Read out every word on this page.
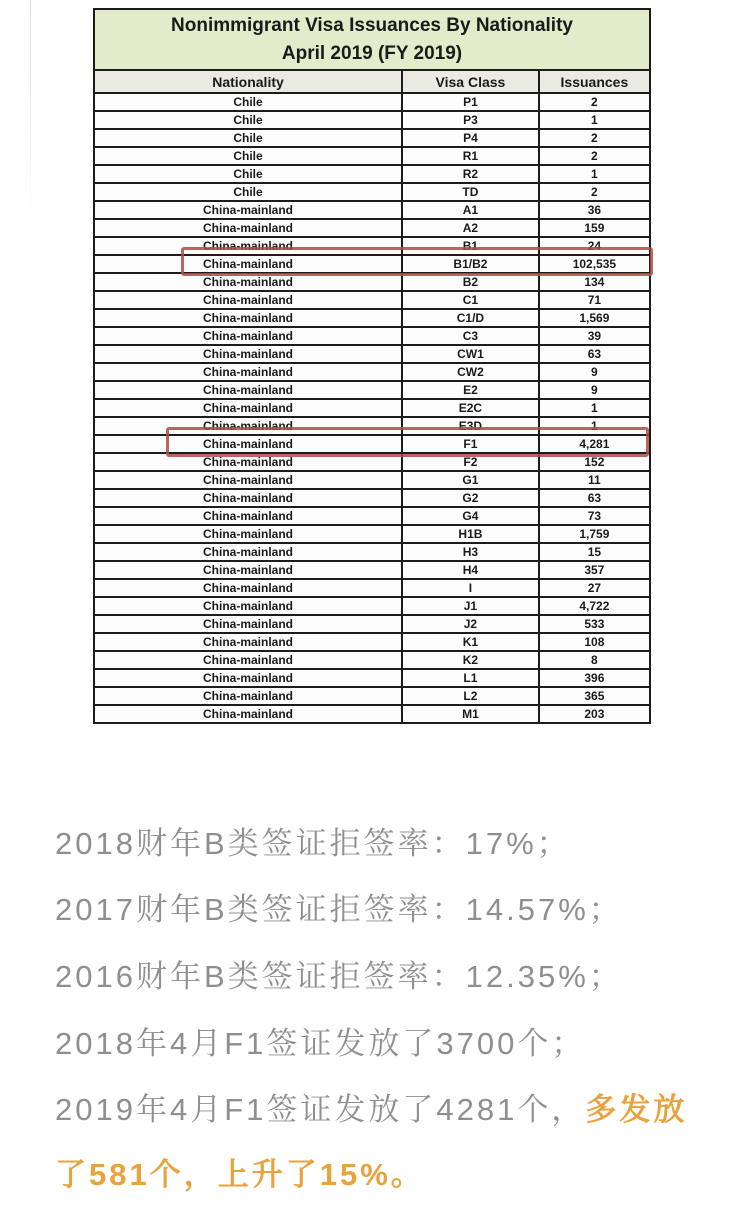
Nonimmigrant Visa Issuances By Nationality
April 2019 (FY 2019)		

Nationality	Visa Class	Issuances
Chile	P1	2
Chile	P3	1
Chile	P4	2
Chile	R1	2
Chile	R2	1
Chile	TD	2
China-mainland	A1	36
China-mainland	A2	159
China-mainland	B1	24
China-mainland	B1/B2	102,535
China-mainland	B2	134
China-mainland	C1	71
China-mainland	C1/D	1,569
China-mainland	C3	39
China-mainland	CW1	63
China-mainland	CW2	9
China-mainland	E2	9
China-mainland	E2C	1
China-mainland	E3D	1
China-mainland	F1	4,281
China-mainland	F2	152
China-mainland	G1	11
China-mainland	G2	63
China-mainland	G4	73
China-mainland	H1B	1,759
China-mainland	H3	15
China-mainland	H4	357
China-mainland	I	27
China-mainland	J1	4,722
China-mainland	J2	533
China-mainland	K1	108
China-mainland	K2	8
China-mainland	L1	396
China-mainland	L2	365
China-mainland	M1	203
2018财年B类签证拒签率：17%；
2017财年B类签证拒签率：14.57%；
2016财年B类签证拒签率：12.35%；
2018年4月F1签证发放了3700个；
2019年4月F1签证发放了4281个，多发放
了581个，上升了15%。
